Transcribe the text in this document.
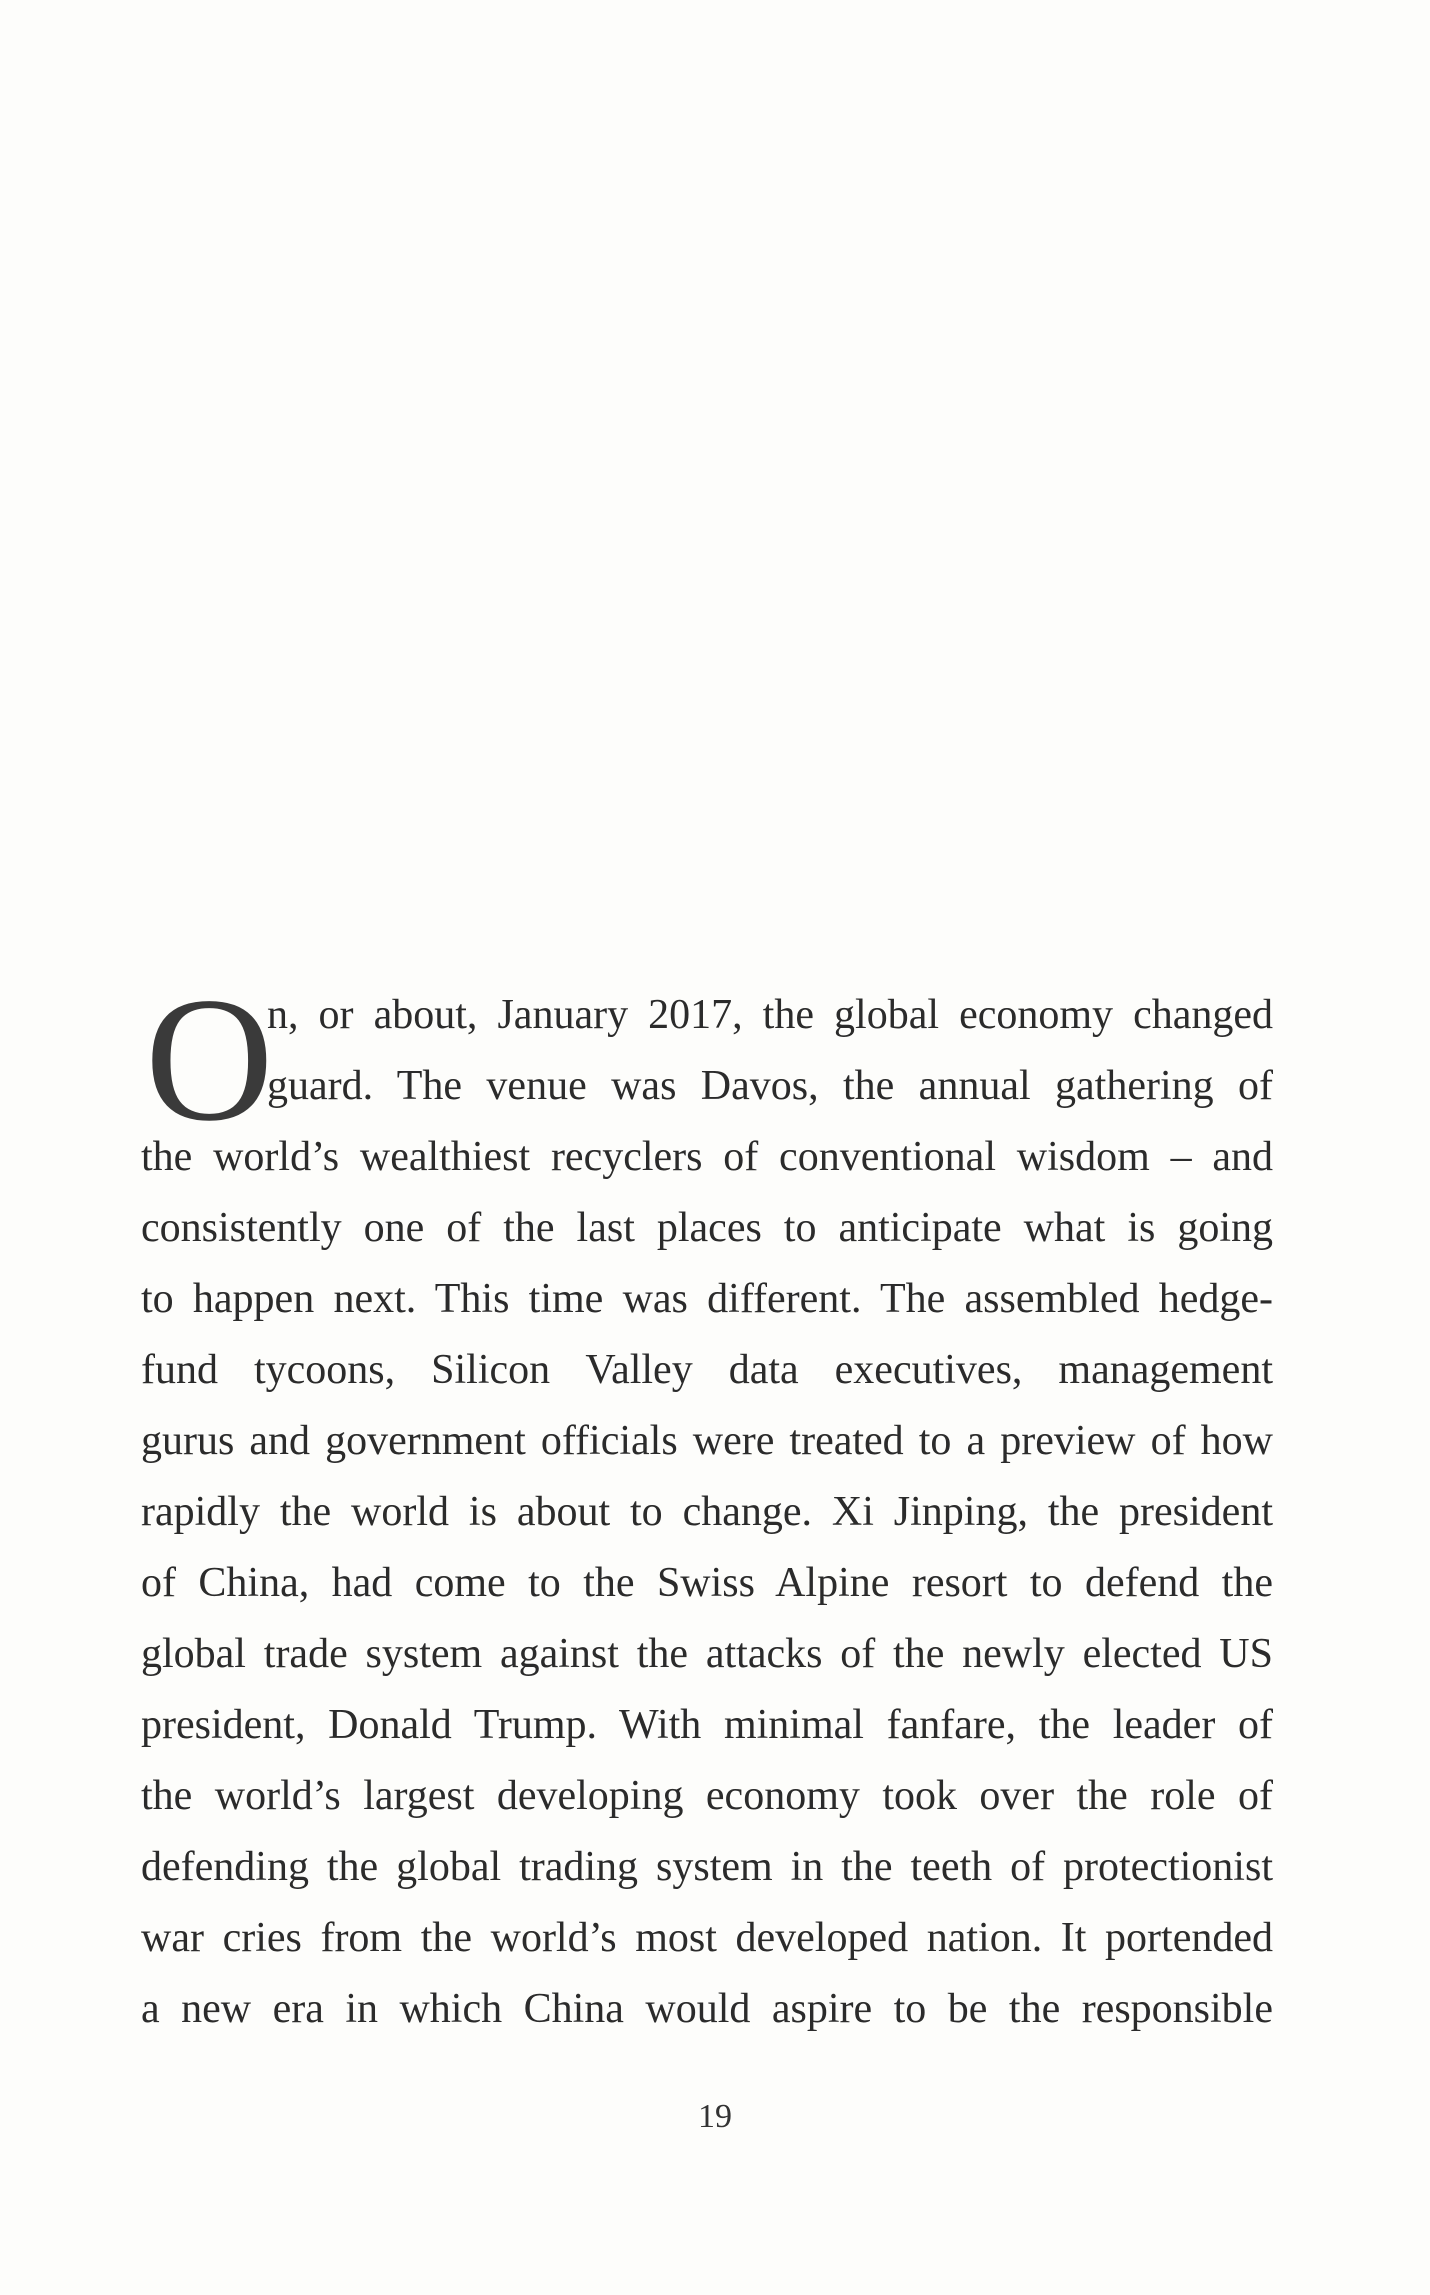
O
n, or about, January 2017, the global economy changed
guard. The venue was Davos, the annual gathering of
the world’s wealthiest recyclers of conventional wisdom – and
consistently one of the last places to anticipate what is going
to happen next. This time was different. The assembled hedge-
fund tycoons, Silicon Valley data executives, management
gurus and government officials were treated to a preview of how
rapidly the world is about to change. Xi Jinping, the president
of China, had come to the Swiss Alpine resort to defend the
global trade system against the attacks of the newly elected US
president, Donald Trump. With minimal fanfare, the leader of
the world’s largest developing economy took over the role of
defending the global trading system in the teeth of protectionist
war cries from the world’s most developed nation. It portended
a new era in which China would aspire to be the responsible
19
